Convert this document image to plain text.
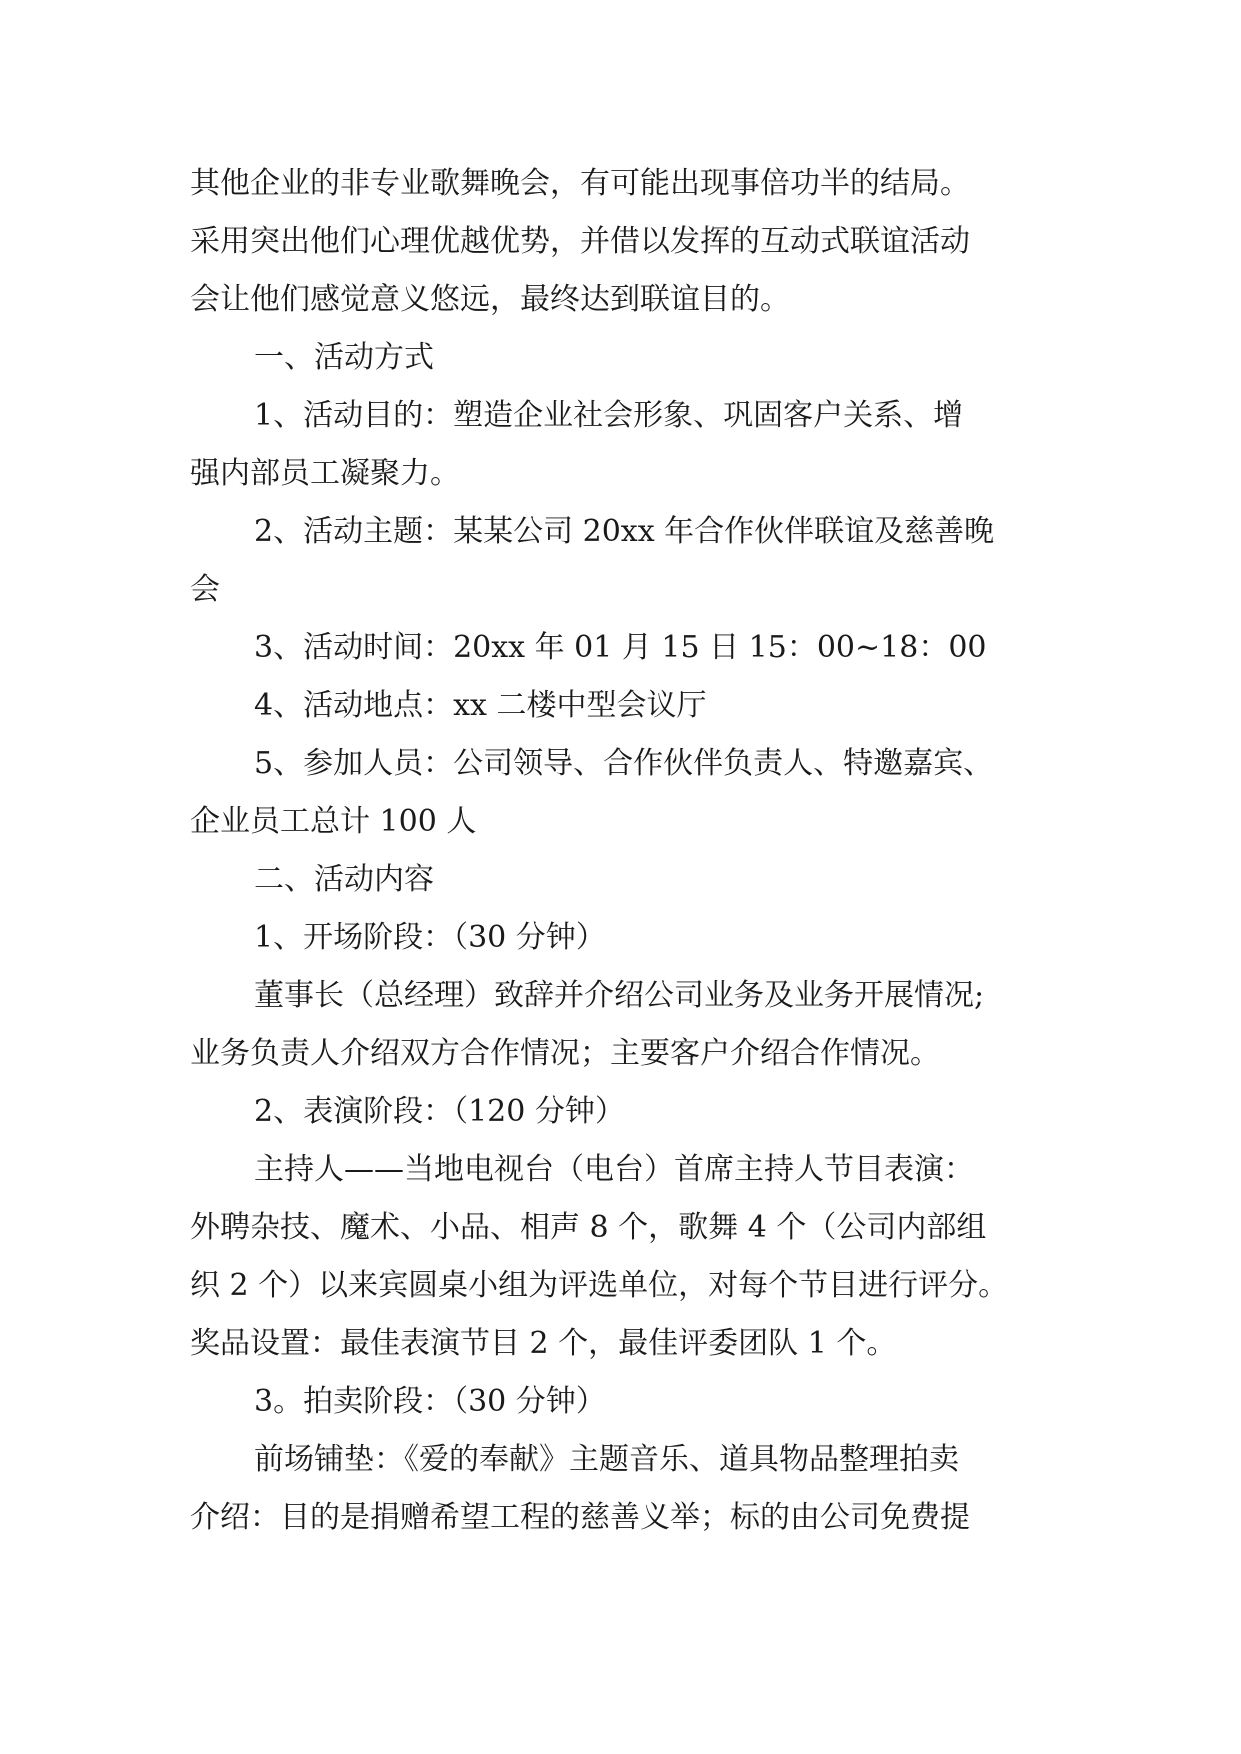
其他企业的非专业歌舞晚会，有可能出现事倍功半的结局。
采用突出他们心理优越优势，并借以发挥的互动式联谊活动
会让他们感觉意义悠远，最终达到联谊目的。
一、活动方式
1、活动目的：塑造企业社会形象、巩固客户关系、增
强内部员工凝聚力。
2、活动主题：某某公司 20xx 年合作伙伴联谊及慈善晚
会
3、活动时间：20xx 年 01 月 15 日 15：00~18：00
4、活动地点：xx 二楼中型会议厅
5、参加人员：公司领导、合作伙伴负责人、特邀嘉宾、
企业员工总计 100 人
二、活动内容
1、开场阶段：（30 分钟）
董事长（总经理）致辞并介绍公司业务及业务开展情况;
业务负责人介绍双方合作情况；主要客户介绍合作情况。
2、表演阶段：（120 分钟）
主持人——当地电视台（电台）首席主持人节目表演：
外聘杂技、魔术、小品、相声 8 个，歌舞 4 个（公司内部组
织 2 个）以来宾圆桌小组为评选单位，对每个节目进行评分。
奖品设置：最佳表演节目 2 个，最佳评委团队 1 个。
3。拍卖阶段：（30 分钟）
前场铺垫：《爱的奉献》主题音乐、道具物品整理拍卖
介绍：目的是捐赠希望工程的慈善义举；标的由公司免费提
